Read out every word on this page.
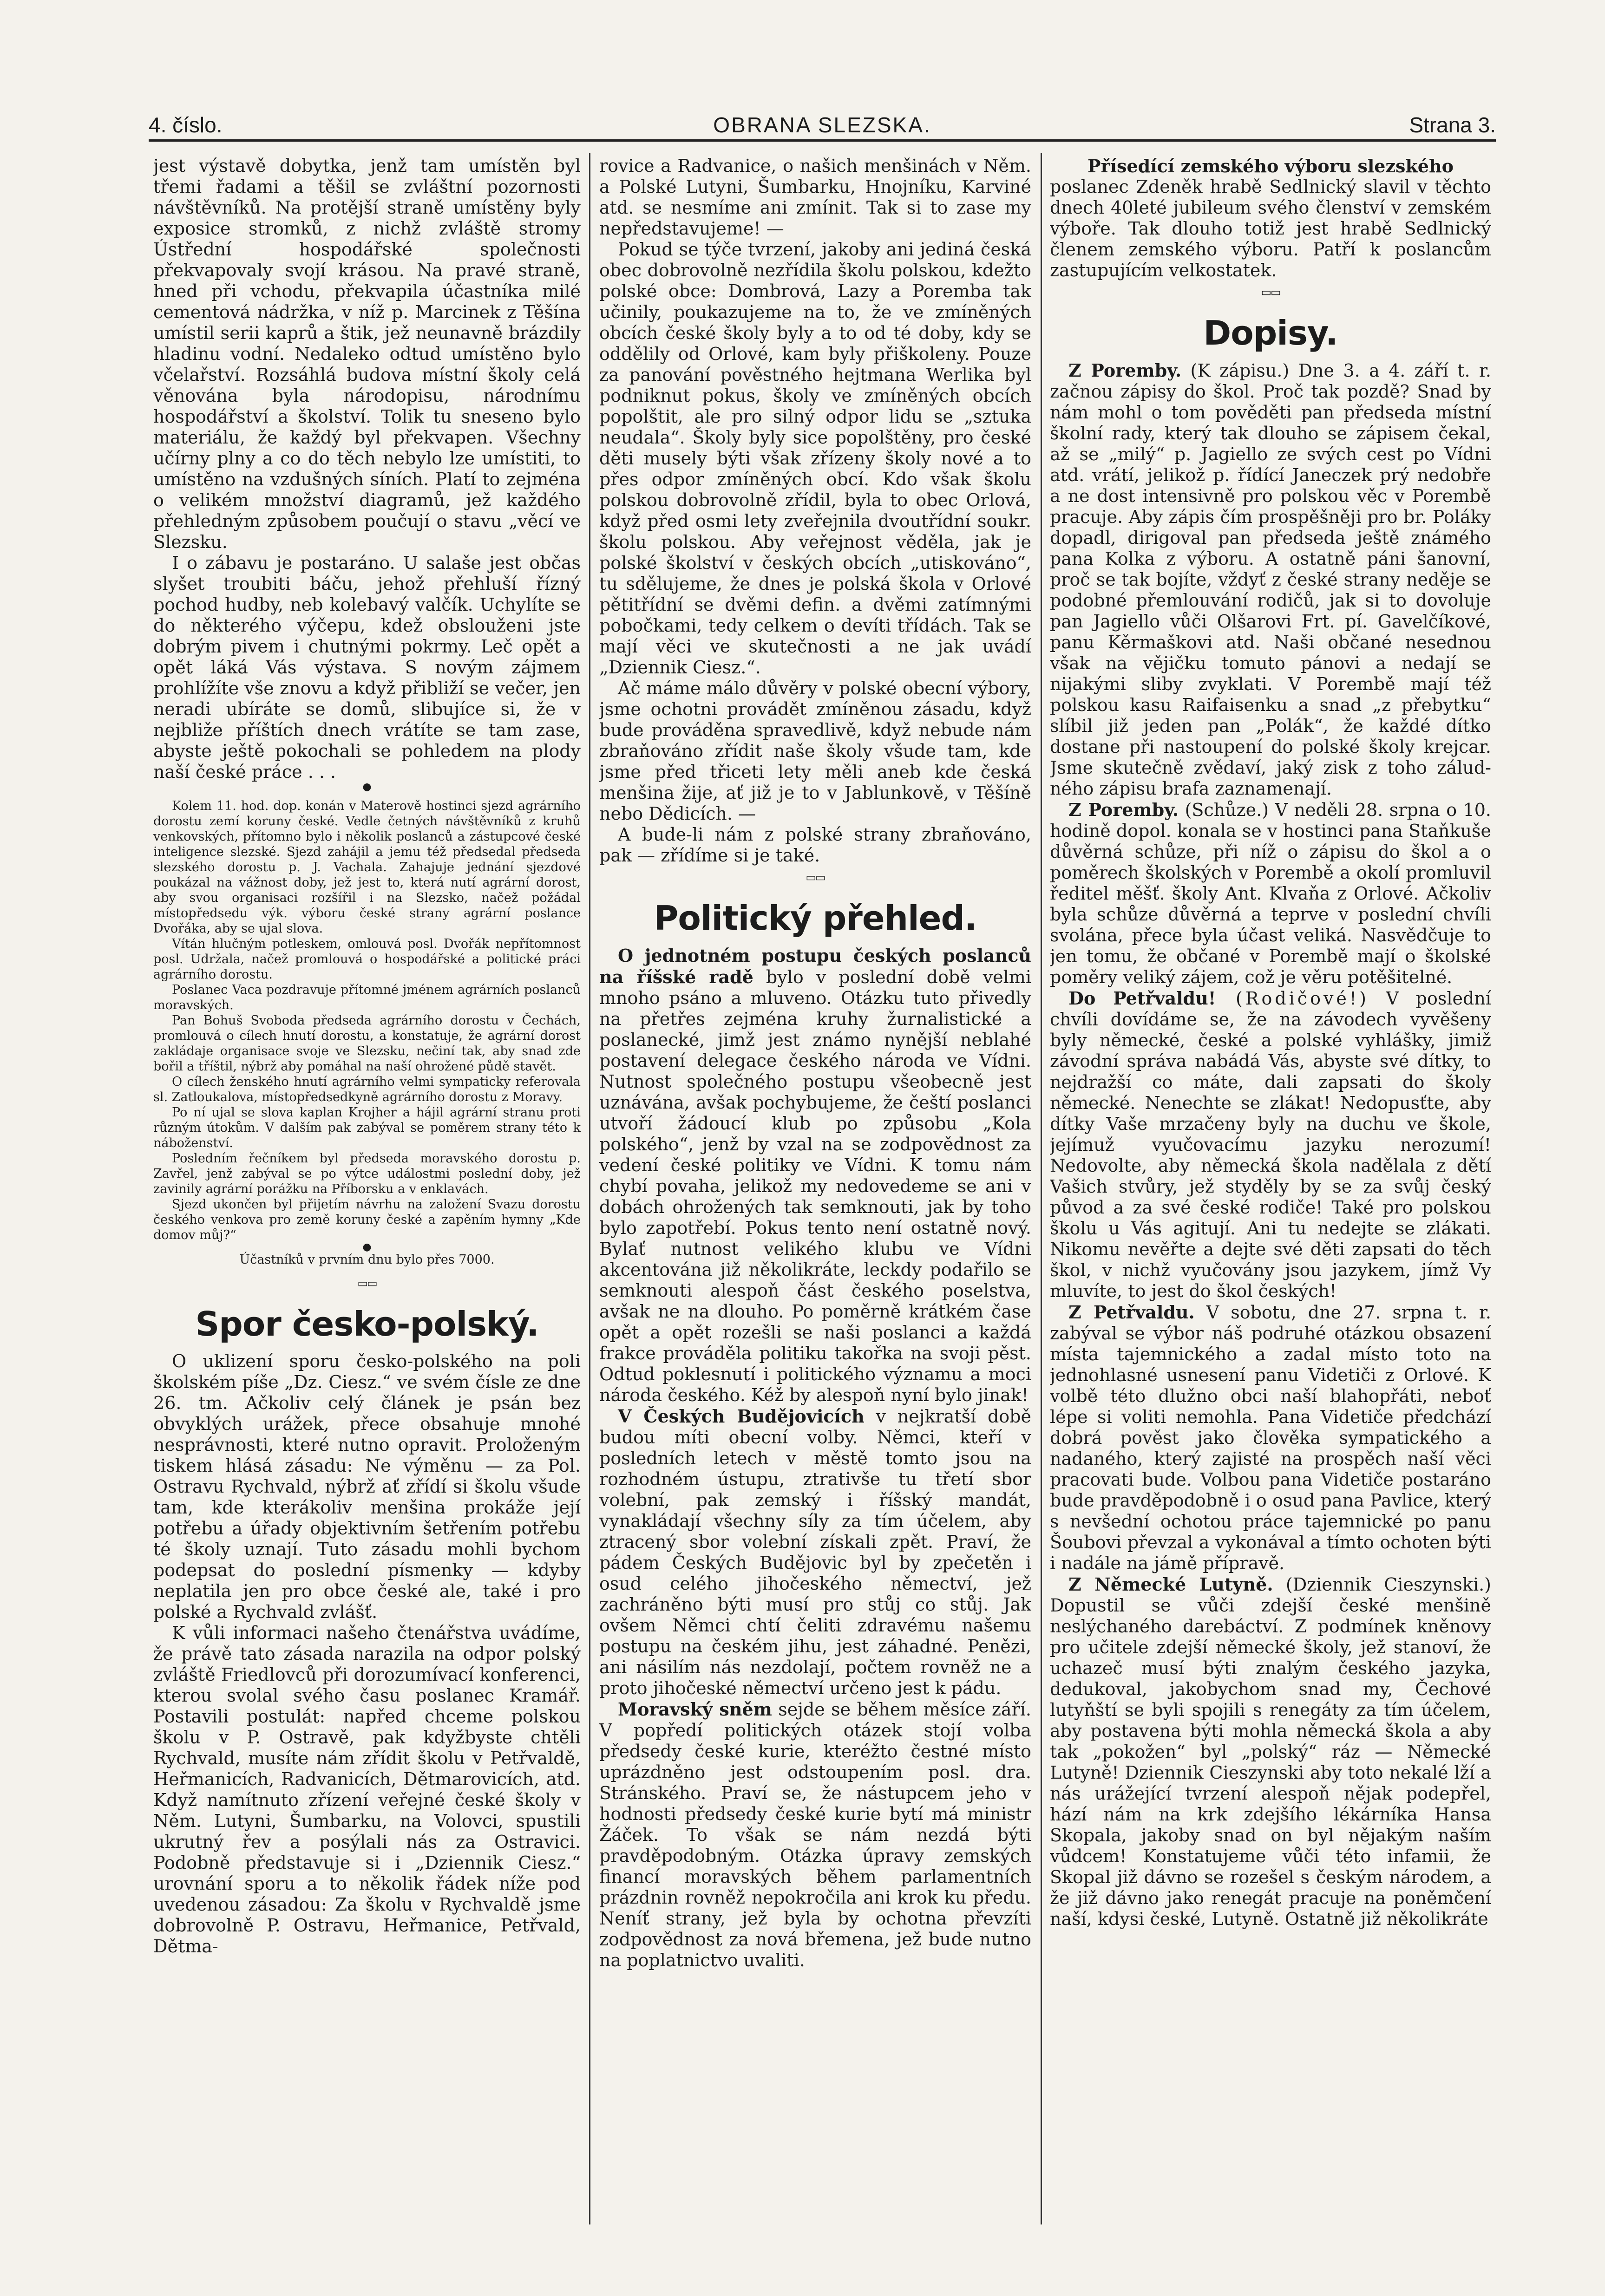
4. číslo.	OBRANA SLEZSKA.	Strana 3.

jest výstavě dobytka, jenž tam umístěn byl třemi řadami a těšil se zvláštní pozornosti návštěvníků. Na protější straně umístěny byly exposice stromků, z nichž zvláště stromy Ústřední hospodářské společnosti překvapovaly svojí krásou. Na pravé straně, hned při vchodu, překvapila účastníka milé cementová nádržka, v níž p. Marcinek z Těšína umístil serii kaprů a štik, jež neunavně brázdily hladinu vodní. Nedaleko odtud umístěno bylo včelařství. Rozsáhlá budova místní školy celá věnována byla národopisu, národnímu hospodářství a školství. Tolik tu sneseno bylo materiálu, že každý byl překvapen. Všechny učírny plny a co do těch nebylo lze umístiti, to umístěno na vzdušných síních. Platí to zejména o velikém množství diagramů, jež každého přehledným způsobem poučují o stavu „věcí ve Slezsku.

I o zábavu je postaráno. U salaše jest občas slyšet troubiti báču, jehož přehluší řízný pochod hudby, neb kolebavý valčík. Uchylíte se do některého výčepu, kdež obslouženi jste dobrým pivem i chutnými pokrmy. Leč opět a opět láká Vás výstava. S novým zájmem prohlížíte vše znovu a když přibliží se večer, jen neradi ubíráte se domů, slibujíce si, že v nejbliže příštích dnech vrátíte se tam zase, abyste ještě pokochali se pohledem na plody naší české práce . . .

●

Kolem 11. hod. dop. konán v Materově hostinci sjezd agrárního dorostu zemí koruny české. Vedle četných návštěvníků z kruhů venkovských, přítomno bylo i několik poslanců a zástupcové české inteligence slezské. Sjezd zahájil a jemu též předsedal předseda slezského dorostu p. J. Vachala. Zahajuje jednání sjezdové poukázal na vážnost doby, jež jest to, která nutí agrární dorost, aby svou organisaci rozšířil i na Slezsko, načež požádal místopředsedu výk. výboru české strany agrární poslance Dvořáka, aby se ujal slova.

Vítán hlučným potleskem, omlouvá posl. Dvořák nepřítomnost posl. Udržala, načež promlouvá o hospodářské a politické práci agrárního dorostu.

Poslanec Vaca pozdravuje přítomné jménem agrárních poslanců moravských.

Pan Bohuš Svoboda předseda agrárního dorostu v Čechách, promlouvá o cílech hnutí dorostu, a konstatuje, že agrární dorost zakládaje organisace svoje ve Slezsku, nečiní tak, aby snad zde bořil a tříštil, nýbrž aby pomáhal na naší ohrožené půdě stavět.

O cílech ženského hnutí agrárního velmi sympaticky referovala sl. Zatloukalova, místopředsedkyně agrárního dorostu z Moravy.

Po ní ujal se slova kaplan Krojher a hájil agrární stranu proti různým útokům. V dalším pak zabýval se poměrem strany této k náboženství.

Posledním řečníkem byl předseda moravského dorostu p. Zavřel, jenž zabýval se po výtce událostmi poslední doby, jež zavinily agrární porážku na Příborsku a v enklavách.

Sjezd ukončen byl přijetím návrhu na založení Svazu dorostu českého venkova pro země koruny české a zapěním hymny „Kde domov můj?“

●

Účastníků v prvním dnu bylo přes 7000.

▭▭
Spor česko-polský.

O uklizení sporu česko-polského na poli školském píše „Dz. Ciesz.“ ve svém čísle ze dne 26. tm. Ačkoliv celý článek je psán bez obvyklých urážek, přece obsahuje mnohé nesprávnosti, které nutno opravit. Proloženým tiskem hlásá zásadu: Ne výměnu — za Pol. Ostravu Rychvald, nýbrž ať zřídí si školu všude tam, kde kterákoliv menšina prokáže její potřebu a úřady objektivním šetřením potřebu té školy uznají. Tuto zásadu mohli bychom podepsat do poslední písmenky — kdyby neplatila jen pro obce české ale, také i pro polské a Rychvald zvlášť.

K vůli informaci našeho čtenářstva uvádíme, že právě tato zásada narazila na odpor polský zvláště Friedlovců při dorozumívací konferenci, kterou svolal svého času poslanec Kramář. Postavili postulát: napřed chceme polskou školu v P. Ostravě, pak kdyžbyste chtěli Rychvald, musíte nám zřídit školu v Petřvaldě, Heřmanicích, Radvanicích, Dětmarovicích, atd. Když namítnuto zřízení veřejné české školy v Něm. Lutyni, Šumbarku, na Volovci, spustili ukrutný řev a posýlali nás za Ostravici. Podobně představuje si i „Dziennik Ciesz.“ urovnání sporu a to několik řádek níže pod uvedenou zásadou: Za školu v Rychvaldě jsme dobrovolně P. Ostravu, Heřmanice, Petřvald, Dětma-

rovice a Radvanice, o našich menšinách v Něm. a Polské Lutyni, Šumbarku, Hnojníku, Karviné atd. se nesmíme ani zmínit. Tak si to zase my nepředstavujeme! —

Pokud se týče tvrzení, jakoby ani jediná česká obec dobrovolně nezřídila školu polskou, kdežto polské obce: Dombrová, Lazy a Poremba tak učinily, poukazujeme na to, že ve zmíněných obcích české školy byly a to od té doby, kdy se oddělily od Orlové, kam byly přiškoleny. Pouze za panování pověstného hejtmana Werlika byl podniknut pokus, školy ve zmíněných obcích popolštit, ale pro silný odpor lidu se „sztuka neudala“. Školy byly sice popolštěny, pro české děti musely býti však zřízeny školy nové a to přes odpor zmíněných obcí. Kdo však školu polskou dobrovolně zřídil, byla to obec Orlová, když před osmi lety zveřejnila dvoutřídní soukr. školu polskou. Aby veřejnost věděla, jak je polské školství v českých obcích „utiskováno“, tu sdělujeme, že dnes je polská škola v Orlové pětitřídní se dvěmi defin. a dvěmi zatímnými pobočkami, tedy celkem o devíti třídách. Tak se mají věci ve skutečnosti a ne jak uvádí „Dziennik Ciesz.“.

Ač máme málo důvěry v polské obecní výbory, jsme ochotni provádět zmíněnou zásadu, když bude prováděna spravedlivě, když nebude nám zbraňováno zřídit naše školy všude tam, kde jsme před třiceti lety měli aneb kde česká menšina žije, ať již je to v Jablunkově, v Těšíně nebo Dědicích. —

A bude-li nám z polské strany zbraňováno, pak — zřídíme si je také.

▭▭
Politický přehled.

O jednotném postupu českých poslanců na říšské radě bylo v poslední době velmi mnoho psáno a mluveno. Otázku tuto přivedly na přetřes zejména kruhy žurnalistické a poslanecké, jimž jest známo nynější neblahé postavení delegace českého národa ve Vídni. Nutnost společného postupu všeobecně jest uznávána, avšak pochybujeme, že čeští poslanci utvoří žádoucí klub po způsobu „Kola polského“, jenž by vzal na se zodpovědnost za vedení české politiky ve Vídni. K tomu nám chybí povaha, jelikož my nedovedeme se ani v dobách ohrožených tak semknouti, jak by toho bylo zapotřebí. Pokus tento není ostatně nový. Bylať nutnost velikého klubu ve Vídni akcentována již několikráte, leckdy podařilo se semknouti alespoň část českého poselstva, avšak ne na dlouho. Po poměrně krátkém čase opět a opět rozešli se naši poslanci a každá frakce prováděla politiku takořka na svoji pěst. Odtud poklesnutí i politického významu a moci národa českého. Kéž by alespoň nyní bylo jinak!

V Českých Budějovicích v nejkratší době budou míti obecní volby. Němci, kteří v posledních letech v městě tomto jsou na rozhodném ústupu, ztrativše tu třetí sbor volební, pak zemský i říšský mandát, vynakládají všechny síly za tím účelem, aby ztracený sbor volební získali zpět. Praví, že pádem Českých Budějovic byl by zpečetěn i osud celého jihočeského němectví, jež zachráněno býti musí pro stůj co stůj. Jak ovšem Němci chtí čeliti zdravému našemu postupu na českém jihu, jest záhadné. Penězi, ani násilím nás nezdolají, počtem rovněž ne a proto jihočeské němectví určeno jest k pádu.

Moravský sněm sejde se během měsíce září. V popředí politických otázek stojí volba předsedy české kurie, kteréžto čestné místo uprázdněno jest odstoupením posl. dra. Stránského. Praví se, že nástupcem jeho v hodnosti předsedy české kurie bytí má ministr Žáček. To však se nám nezdá býti pravděpodobným. Otázka úpravy zemských financí moravských během parlamentních prázdnin rovněž nepokročila ani krok ku předu. Neníť strany, jež byla by ochotna převzíti zodpovědnost za nová břemena, jež bude nutno na poplatnictvo uvaliti.

Přísedící zemského výboru slezského

poslanec Zdeněk hrabě Sedlnický slavil v těchto dnech 40leté jubileum svého členství v zemském výboře. Tak dlouho totiž jest hrabě Sedlnický členem zemského výboru. Patří k poslancům zastupujícím velkostatek.

▭▭
Dopisy.

Z Poremby. (K zápisu.) Dne 3. a 4. září t. r. začnou zápisy do škol. Proč tak pozdě? Snad by nám mohl o tom pověděti pan předseda místní školní rady, který tak dlouho se zápisem čekal, až se „milý“ p. Jagiello ze svých cest po Vídni atd. vrátí, jelikož p. řídící Janeczek prý nedobře a ne dost intensivně pro polskou věc v Porembě pracuje. Aby zápis čím prospěšněji pro br. Poláky dopadl, dirigoval pan předseda ještě známého pana Kolka z výboru. A ostatně páni šanovní, proč se tak bojíte, vždyť z české strany neděje se podobné přemlouvání rodičů, jak si to dovoluje pan Jagiello vůči Olšarovi Frt. pí. Gavelčíkové, panu Kěrmaškovi atd. Naši občané nesednou však na vějičku tomuto pánovi a nedají se nijakými sliby zvyklati. V Porembě mají též polskou kasu Raifaisenku a snad „z přebytku“ slíbil již jeden pan „Polák“, že každé dítko dostane při nastoupení do polské školy krejcar. Jsme skutečně zvědaví, jaký zisk z toho záludného zápisu brafa zaznamenají.

Z Poremby. (Schůze.) V neděli 28. srpna o 10. hodině dopol. konala se v hostinci pana Staňkuše důvěrná schůze, při níž o zápisu do škol a o poměrech školských v Porembě a okolí promluvil ředitel měšť. školy Ant. Klvaňa z Orlové. Ačkoliv byla schůze důvěrná a teprve v poslední chvíli svolána, přece byla účast veliká. Nasvědčuje to jen tomu, že občané v Porembě mají o školské poměry veliký zájem, což je věru potěšitelné.

Do Petřvaldu! (Rodičové!) V poslední chvíli dovídáme se, že na závodech vyvěšeny byly německé, české a polské vyhlášky, jimiž závodní správa nabádá Vás, abyste své dítky, to nejdražší co máte, dali zapsati do školy německé. Nenechte se zlákat! Nedopusťte, aby dítky Vaše mrzačeny byly na duchu ve škole, jejímuž vyučovacímu jazyku nerozumí! Nedovolte, aby německá škola nadělala z dětí Vašich stvůry, jež styděly by se za svůj český původ a za své české rodiče! Také pro polskou školu u Vás agitují. Ani tu nedejte se zlákati. Nikomu nevěřte a dejte své děti zapsati do těch škol, v nichž vyučovány jsou jazykem, jímž Vy mluvíte, to jest do škol českých!

Z Petřvaldu. V sobotu, dne 27. srpna t. r. zabýval se výbor náš podruhé otázkou obsazení místa tajemnického a zadal místo toto na jednohlasné usnesení panu Videtiči z Orlové. K volbě této dlužno obci naší blahopřáti, neboť lépe si voliti nemohla. Pana Videtiče předchází dobrá pověst jako člověka sympatického a nadaného, který zajisté na prospěch naší věci pracovati bude. Volbou pana Videtiče postaráno bude pravděpodobně i o osud pana Pavlice, který s nevšední ochotou práce tajemnické po panu Šoubovi převzal a vykonával a tímto ochoten býti i nadále na jámě přípravě.

Z Německé Lutyně. (Dziennik Cieszynski.) Dopustil se vůči zdejší české menšině neslýchaného darebáctví. Z podmínek kněnovy pro učitele zdejší německé školy, jež stanoví, že uchazeč musí býti znalým českého jazyka, dedukoval, jakobychom snad my, Čechové lutyňští se byli spojili s renegáty za tím účelem, aby postavena býti mohla německá škola a aby tak „pokožen“ byl „polský“ ráz — Německé Lutyně! Dziennik Cieszynski aby toto nekalé lží a nás urážející tvrzení alespoň nějak podepřel, hází nám na krk zdejšího lékárníka Hansa Skopala, jakoby snad on byl nějakým naším vůdcem! Konstatujeme vůči této infamii, že Skopal již dávno se rozešel s českým národem, a že již dávno jako renegát pracuje na poněmčení naší, kdysi české, Lutyně. Ostatně již několikráte
